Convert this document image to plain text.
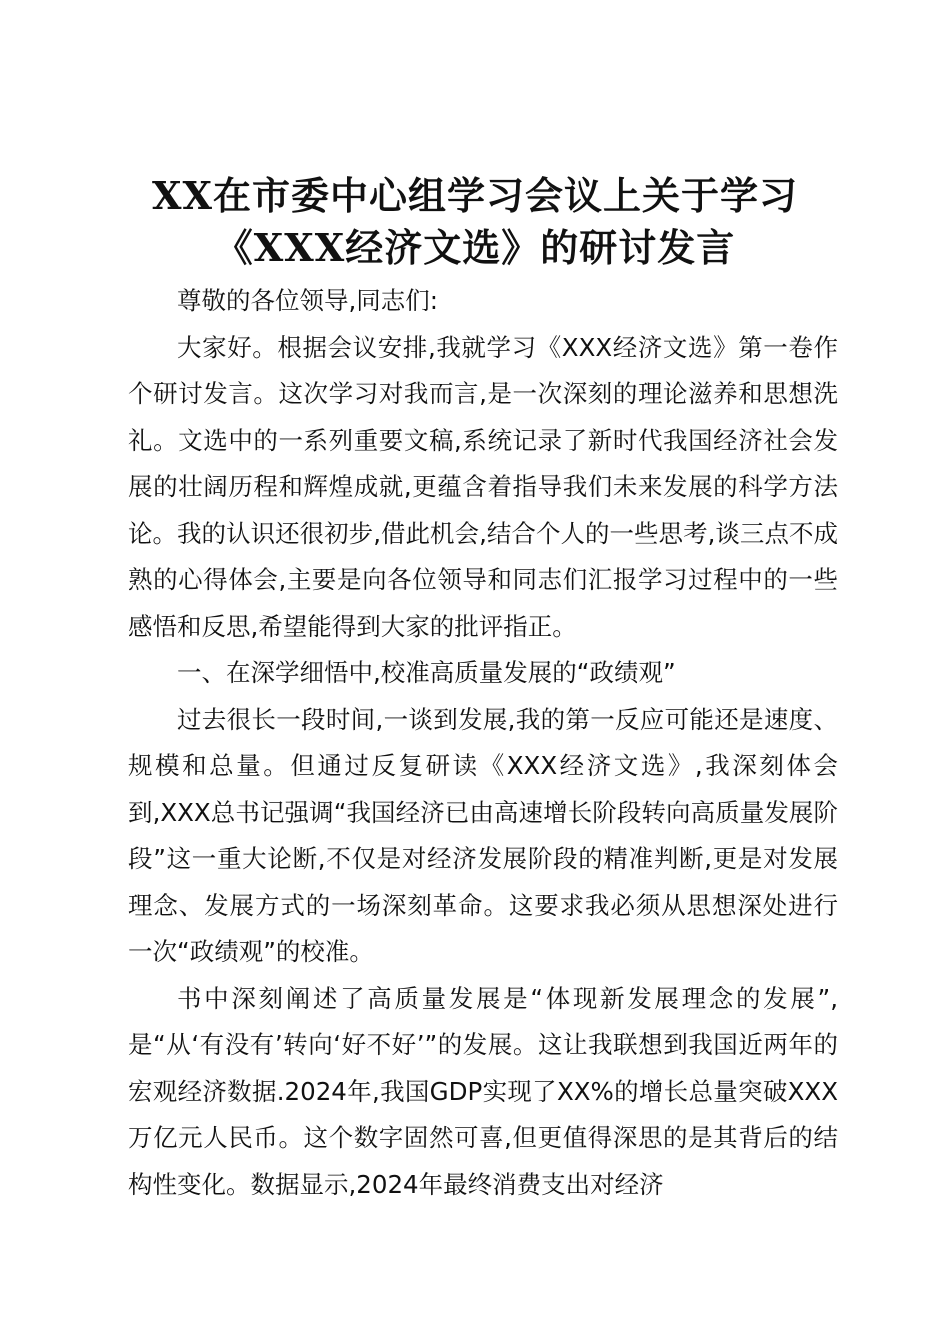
XX在市委中心组学习会议上关于学习
《XXX经济文选》的研讨发言

尊敬的各位领导,同志们:

大家好。根据会议安排,我就学习《XXX经济文选》第一卷作个研讨发言。这次学习对我而言,是一次深刻的理论滋养和思想洗礼。文选中的一系列重要文稿,系统记录了新时代我国经济社会发展的壮阔历程和辉煌成就,更蕴含着指导我们未来发展的科学方法论。我的认识还很初步,借此机会,结合个人的一些思考,谈三点不成熟的心得体会,主要是向各位领导和同志们汇报学习过程中的一些感悟和反思,希望能得到大家的批评指正。

一、在深学细悟中,校准高质量发展的“政绩观”

过去很长一段时间,一谈到发展,我的第一反应可能还是速度、规模和总量。但通过反复研读《XXX经济文选》,我深刻体会到,XXX总书记强调“我国经济已由高速增长阶段转向高质量发展阶段”这一重大论断,不仅是对经济发展阶段的精准判断,更是对发展理念、发展方式的一场深刻革命。这要求我必须从思想深处进行一次“政绩观”的校准。

书中深刻阐述了高质量发展是“体现新发展理念的发展”,是“从‘有没有’转向‘好不好’”的发展。这让我联想到我国近两年的宏观经济数据.2024年,我国GDP实现了XX%的增长总量突破XXX万亿元人民币。这个数字固然可喜,但更值得深思的是其背后的结构性变化。数据显示,2024年最终消费支出对经济
